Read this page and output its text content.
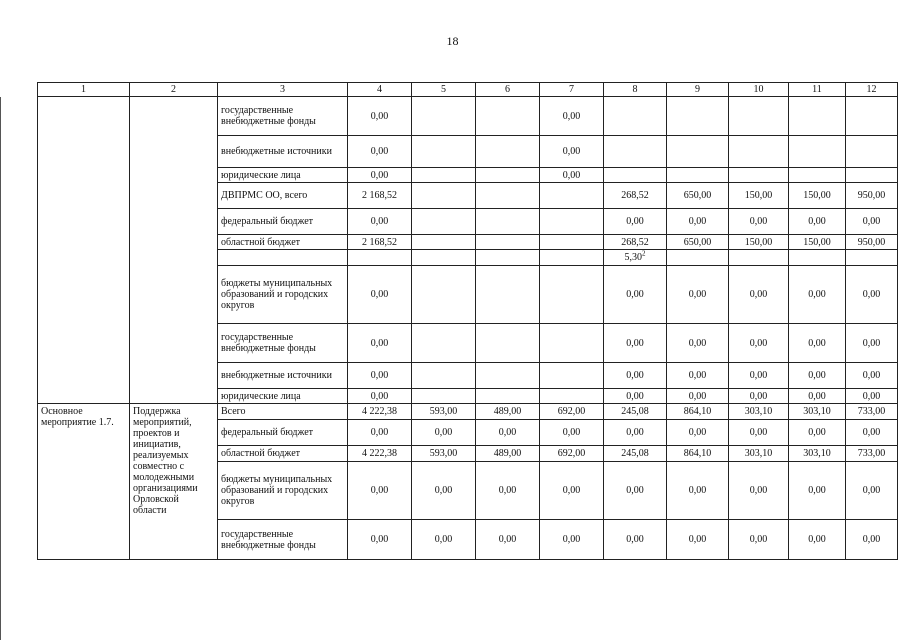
18
1	2	3	4	5	6	7	8	9	10	11	12
		государственные внебюджетные фонды	0,00			0,00					
		внебюджетные источники	0,00			0,00					
		юридические лица	0,00			0,00					
		ДВПРМС ОО, всего	2 168,52				268,52	650,00	150,00	150,00	950,00
		федеральный бюджет	0,00				0,00	0,00	0,00	0,00	0,00
		областной бюджет	2 168,52				268,52	650,00	150,00	150,00	950,00
							5,30$^2$				
		бюджеты муниципальных образований и городских округов	0,00				0,00	0,00	0,00	0,00	0,00
		государственные внебюджетные фонды	0,00				0,00	0,00	0,00	0,00	0,00
		внебюджетные источники	0,00				0,00	0,00	0,00	0,00	0,00
		юридические лица	0,00				0,00	0,00	0,00	0,00	0,00
Основное мероприятие 1.7.	Поддержка мероприятий, проектов и инициатив, реализуемых совместно с молодежными организациями Орловской области	Всего	4 222,38	593,00	489,00	692,00	245,08	864,10	303,10	303,10	733,00
		федеральный бюджет	0,00	0,00	0,00	0,00	0,00	0,00	0,00	0,00	0,00
		областной бюджет	4 222,38	593,00	489,00	692,00	245,08	864,10	303,10	303,10	733,00
		бюджеты муниципальных образований и городских округов	0,00	0,00	0,00	0,00	0,00	0,00	0,00	0,00	0,00
		государственные внебюджетные фонды	0,00	0,00	0,00	0,00	0,00	0,00	0,00	0,00	0,00
